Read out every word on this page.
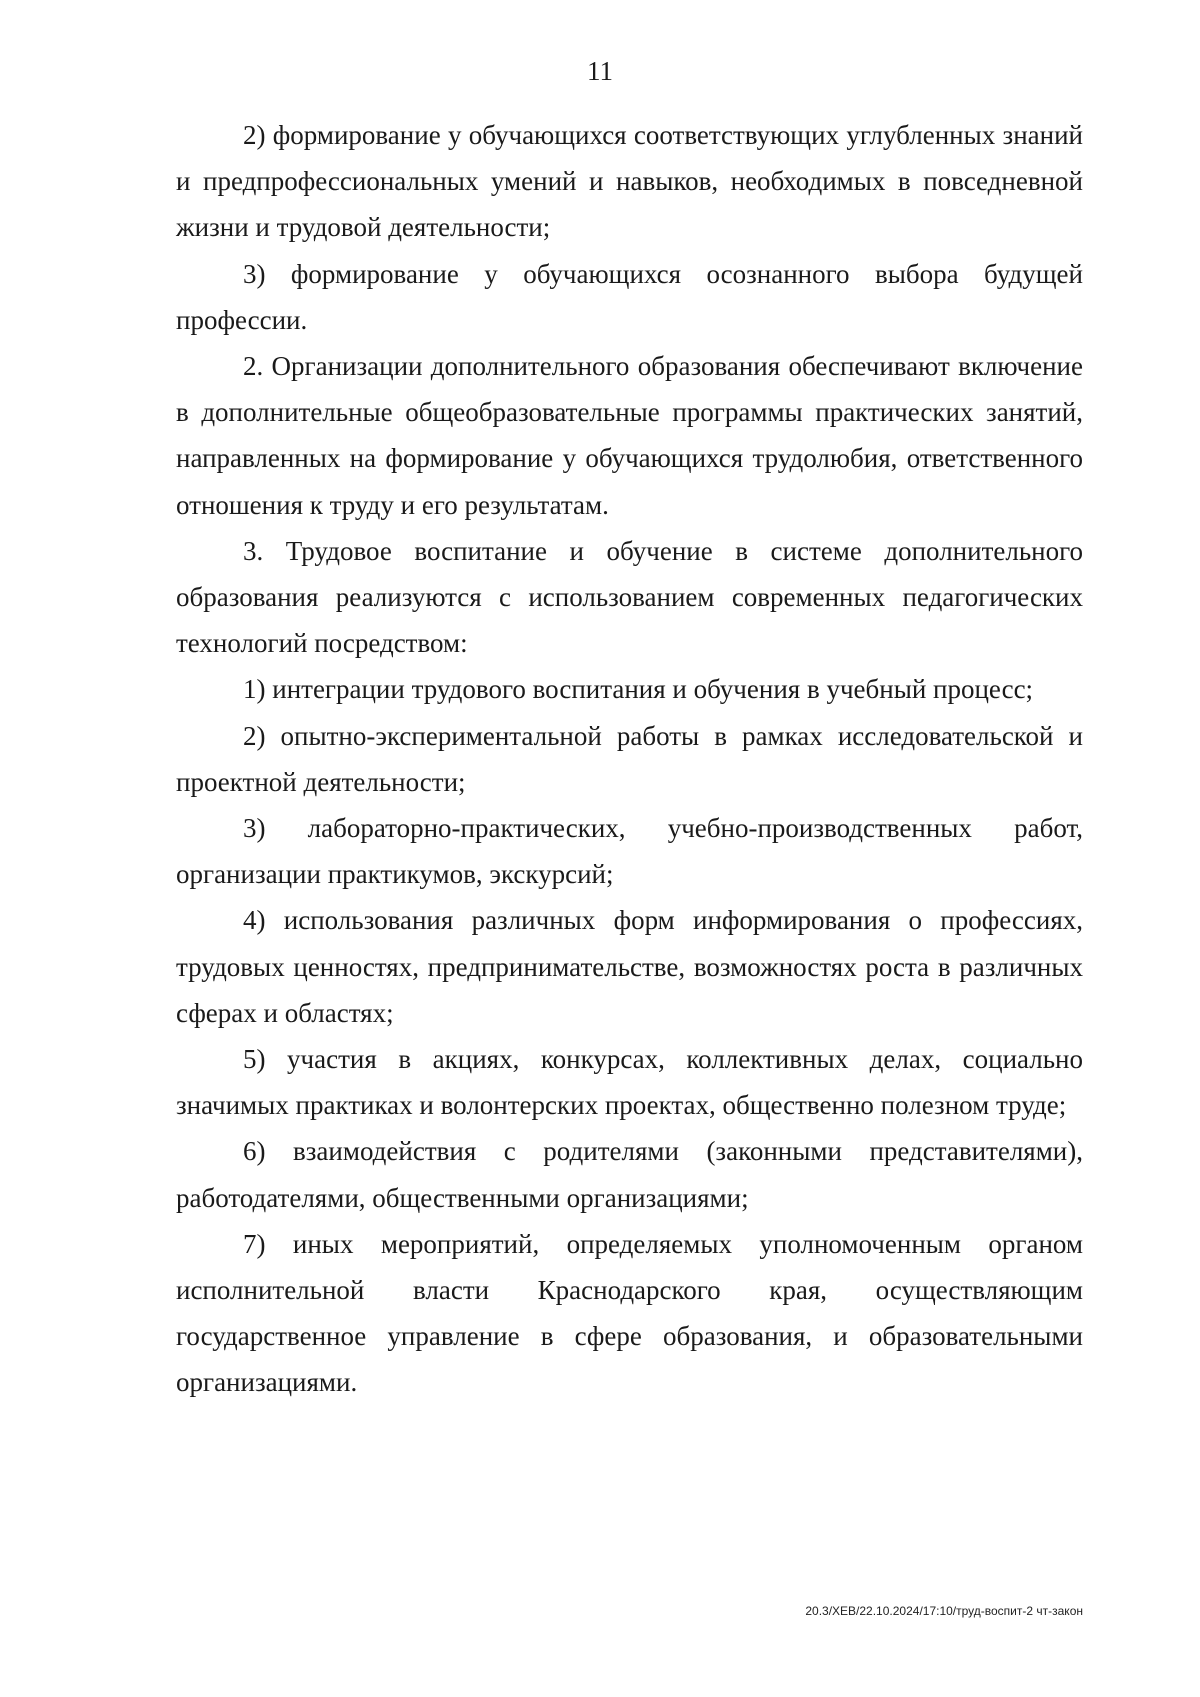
11

2) формирование у обучающихся соответствующих углубленных знаний и предпрофессиональных умений и навыков, необходимых в повседневной жизни и трудовой деятельности;

3) формирование у обучающихся осознанного выбора будущей профессии.

2. Организации дополнительного образования обеспечивают включение в дополнительные общеобразовательные программы практических занятий, направленных на формирование у обучающихся трудолюбия, ответственного отношения к труду и его результатам.

3. Трудовое воспитание и обучение в системе дополнительного образования реализуются с использованием современных педагогических технологий посредством:

1) интеграции трудового воспитания и обучения в учебный процесс;

2) опытно-экспериментальной работы в рамках исследовательской и проектной деятельности;

3) лабораторно-практических, учебно-производственных работ, организации практикумов, экскурсий;

4) использования различных форм информирования о профессиях, трудовых ценностях, предпринимательстве, возможностях роста в различных сферах и областях;

5) участия в акциях, конкурсах, коллективных делах, социально значимых практиках и волонтерских проектах, общественно полезном труде;

6) взаимодействия с родителями (законными представителями), работодателями, общественными организациями;

7) иных мероприятий, определяемых уполномоченным органом исполнительной власти Краснодарского края, осуществляющим государственное управление в сфере образования, и образовательными организациями.

20.3/ХЕВ/22.10.2024/17:10/труд-воспит-2 чт-закон
